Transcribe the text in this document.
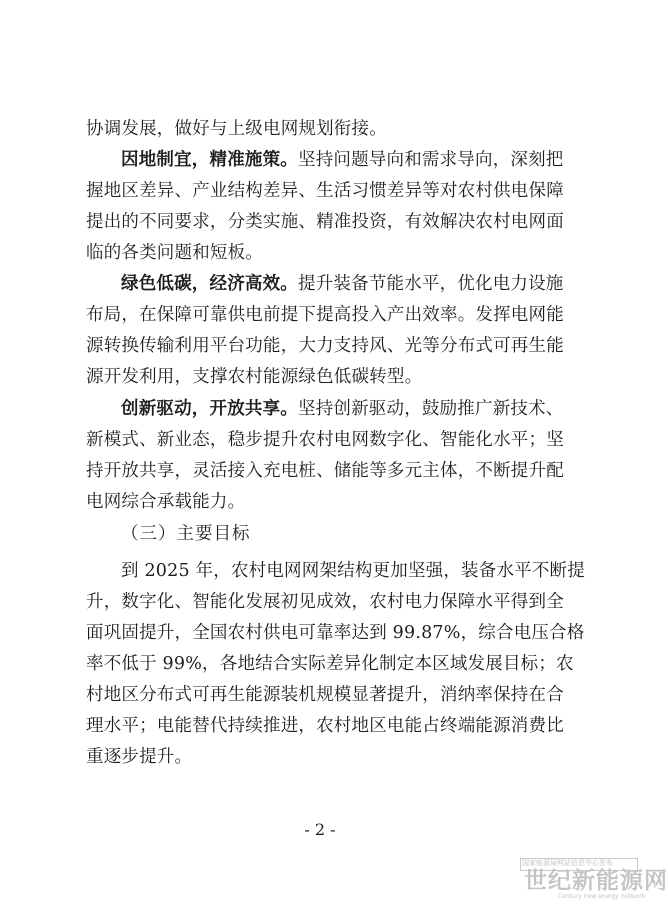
协调发展，做好与上级电网规划衔接。
因地制宜，精准施策。坚持问题导向和需求导向，深刻把
握地区差异、产业结构差异、生活习惯差异等对农村供电保障
提出的不同要求，分类实施、精准投资，有效解决农村电网面
临的各类问题和短板。
绿色低碳，经济高效。提升装备节能水平，优化电力设施
布局，在保障可靠供电前提下提高投入产出效率。发挥电网能
源转换传输利用平台功能，大力支持风、光等分布式可再生能
源开发利用，支撑农村能源绿色低碳转型。
创新驱动，开放共享。坚持创新驱动，鼓励推广新技术、
新模式、新业态，稳步提升农村电网数字化、智能化水平；坚
持开放共享，灵活接入充电桩、储能等多元主体，不断提升配
电网综合承载能力。
（三）主要目标
到 2025 年，农村电网网架结构更加坚强，装备水平不断提
升，数字化、智能化发展初见成效，农村电力保障水平得到全
面巩固提升，全国农村供电可靠率达到 99.87%，综合电压合格
率不低于 99%，各地结合实际差异化制定本区域发展目标；农
村地区分布式可再生能源装机规模显著提升，消纳率保持在合
理水平；电能替代持续推进，农村地区电能占终端能源消费比
重逐步提升。
- 2 -
国家能源局网站信息中心发布
世纪新能源网
Century new energy network
